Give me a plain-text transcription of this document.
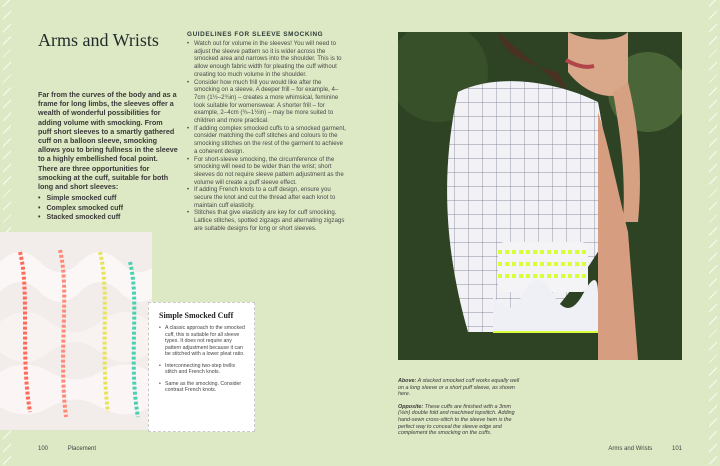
Arms and Wrists
Far from the curves of the body and as a frame for long limbs, the sleeves offer a wealth of wonderful possibilities for adding volume with smocking. From puff short sleeves to a smartly gathered cuff on a balloon sleeve, smocking allows you to bring fullness in the sleeve to a highly embellished focal point. There are three opportunities for smocking at the cuff, suitable for both long and short sleeves:
• Simple smocked cuff
• Complex smocked cuff
• Stacked smocked cuff
GUIDELINES FOR SLEEVE SMOCKING
• Watch out for volume in the sleeves! You will need to adjust the sleeve pattern so it is wider across the smocked area and narrows into the shoulder. This is to allow enough fabric width for pleating the cuff without creating too much volume in the shoulder.
• Consider how much frill you would like after the smocking on a sleeve. A deeper frill – for example, 4–7cm (1½–2¾in) – creates a more whimsical, feminine look suitable for womenswear. A shorter frill – for example, 2–4cm (¾–1½in) – may be more suited to children and more practical.
• If adding complex smocked cuffs to a smocked garment, consider matching the cuff stitches and colours to the smocking stitches on the rest of the garment to achieve a coherent design.
• For short-sleeve smocking, the circumference of the smocking will need to be wider than the wrist; short sleeves do not require sleeve pattern adjustment as the volume will create a puff sleeve effect.
• If adding French knots to a cuff design, ensure you secure the knot and cut the thread after each knot to maintain cuff elasticity.
• Stitches that give elasticity are key for cuff smocking. Lattice stitches, spotted zigzags and alternating zigzags are suitable designs for long or short sleeves.
Simple Smocked Cuff
• A classic approach to the smocked cuff, this is suitable for all sleeve types. It does not require any pattern adjustment because it can be stitched with a lower pleat ratio.
• Interconnecting two-step trellis stitch and French knots.
• Same as the smocking. Consider contrast French knots.
100	Placement

Above: A stacked smocked cuff works equally well on a long sleeve or a short puff sleeve, as shown here.

Opposite: These cuffs are finished with a 3mm (⅛in) double fold and machined topstitch. Adding hand-sewn cross-stitch to the sleeve hem is the perfect way to conceal the sleeve edge and complement the smocking on the cuffs.

Arms and Wrists	101
